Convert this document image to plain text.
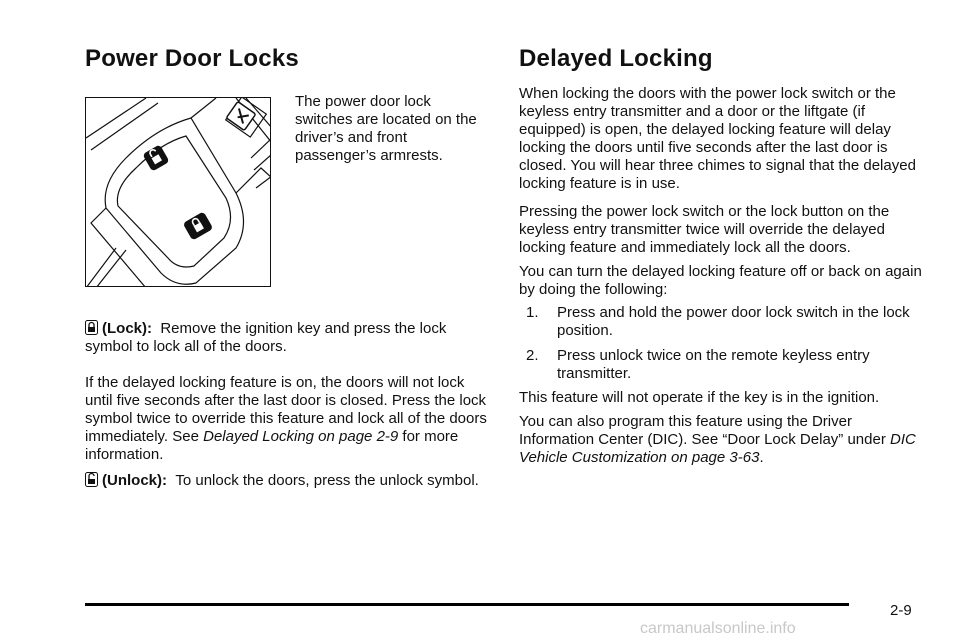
Power Door Locks
The power door lock switches are located on the driver’s and front passenger’s armrests.

(Lock): Remove the ignition key and press the lock symbol to lock all of the doors.

If the delayed locking feature is on, the doors will not lock until five seconds after the last door is closed. Press the lock symbol twice to override this feature and lock all of the doors immediately. See Delayed Locking on page 2-9 for more information.

(Unlock): To unlock the doors, press the unlock symbol.

Delayed Locking

When locking the doors with the power lock switch or the keyless entry transmitter and a door or the liftgate (if equipped) is open, the delayed locking feature will delay locking the doors until five seconds after the last door is closed. You will hear three chimes to signal that the delayed locking feature is in use.

Pressing the power lock switch or the lock button on the keyless entry transmitter twice will override the delayed locking feature and immediately lock all the doors.

You can turn the delayed locking feature off or back on again by doing the following:

1. Press and hold the power door lock switch in the lock position.
2. Press unlock twice on the remote keyless entry transmitter.

This feature will not operate if the key is in the ignition.

You can also program this feature using the Driver Information Center (DIC). See “Door Lock Delay” under DIC Vehicle Customization on page 3-63.

2-9
carmanualsonline.info
